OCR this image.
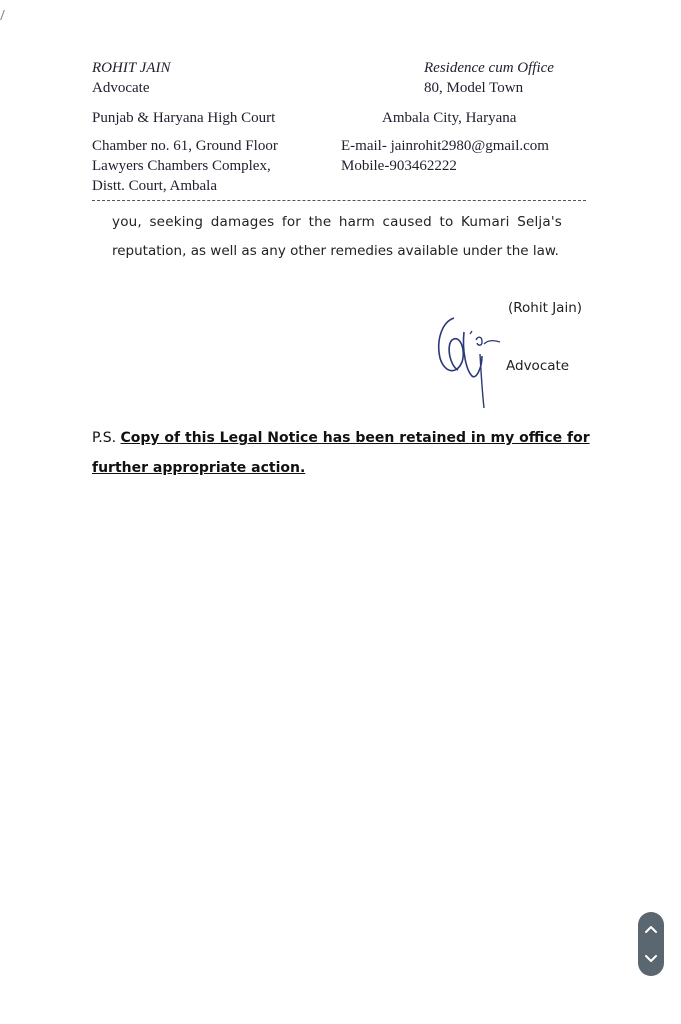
ROHIT JAIN
Advocate
Punjab & Haryana High Court
Chamber no. 61, Ground Floor
Lawyers Chambers Complex,
Distt. Court, Ambala
Residence cum Office
80, Model Town
Ambala City, Haryana
E-mail- jainrohit2980@gmail.com
Mobile-903462222
you, seeking damages for the harm caused to Kumari Selja's
reputation, as well as any other remedies available under the law.
(Rohit Jain)
Advocate
P.S. Copy of this Legal Notice has been retained in my office for
further appropriate action.
